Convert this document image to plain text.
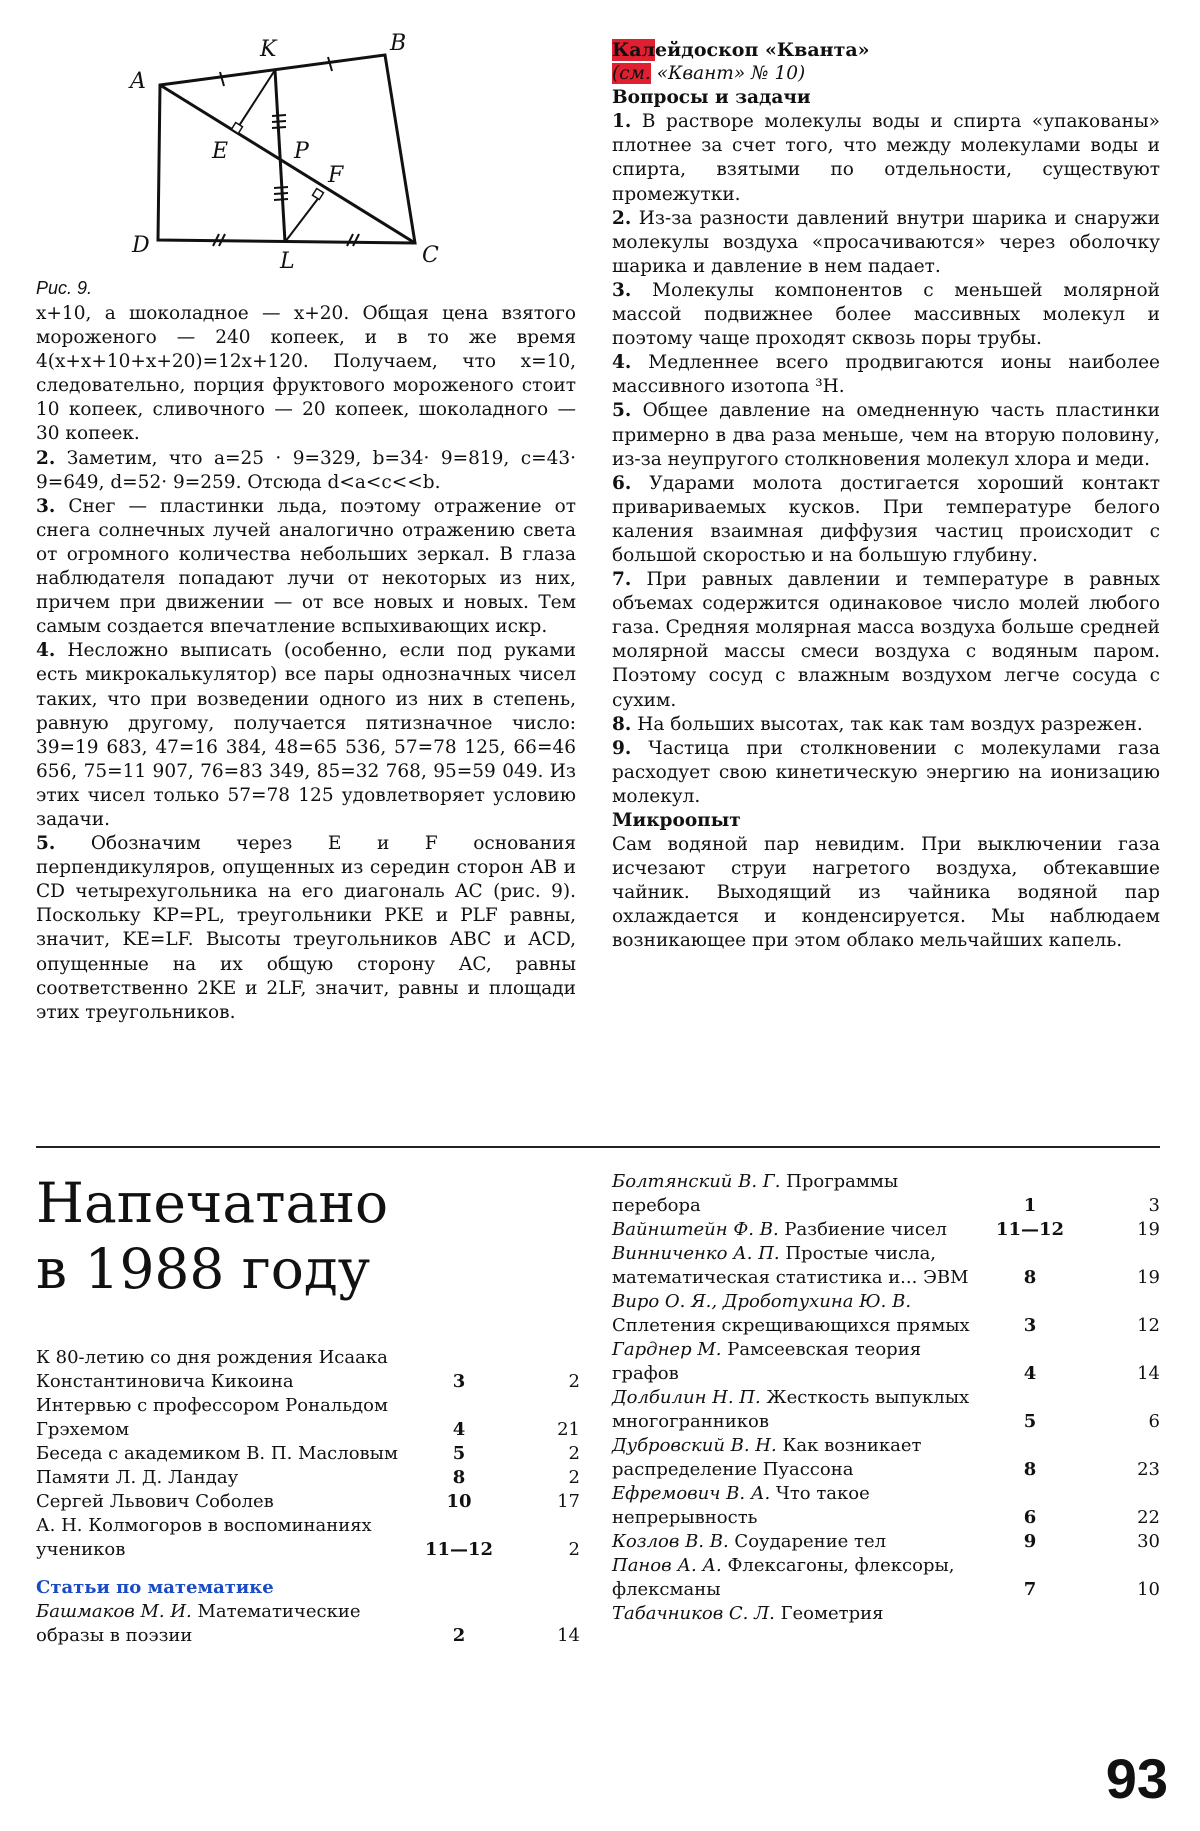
A
K	B
E	P
F
D
L	C
Рис. 9.

x+10, а шоколадное — x+20. Общая цена взятого мороженого — 240 копеек, и в то же время 4(x+x+10+x+20)=12x+120. Получаем, что x=10, следовательно, порция фруктового мороженого стоит 10 копеек, сливочного — 20 копеек, шоколадного — 30 копеек.

2. Заметим, что a=25 · 9=329, b=34· 9=819, c=43· 9=649, d=52· 9=259. Отсюда d<a<c<<b.

3. Снег — пластинки льда, поэтому отражение от снега солнечных лучей аналогично отражению света от огромного количества небольших зеркал. В глаза наблюдателя попадают лучи от некоторых из них, причем при движении — от все новых и новых. Тем самым создается впечатление вспыхивающих искр.

4. Несложно выписать (особенно, если под руками есть микрокалькулятор) все пары однозначных чисел таких, что при возведении одного из них в степень, равную другому, получается пятизначное число: 39=19 683, 47=16 384, 48=65 536, 57=78 125, 66=46 656, 75=11 907, 76=83 349, 85=32 768, 95=59 049. Из этих чисел только 57=78 125 удовлетворяет условию задачи.

5. Обозначим через E и F основания перпендикуляров, опущенных из середин сторон AB и CD четырехугольника на его диагональ AC (рис. 9). Поскольку KP=PL, треугольники PKE и PLF равны, значит, KE=LF. Высоты треугольников ABC и ACD, опущенные на их общую сторону AC, равны соответственно 2KE и 2LF, значит, равны и площади этих треугольников.

Калейдоскоп «Кванта»

(см. «Квант» № 10)

Вопросы и задачи

1. В растворе молекулы воды и спирта «упакованы» плотнее за счет того, что между молекулами воды и спирта, взятыми по отдельности, существуют промежутки.

2. Из-за разности давлений внутри шарика и снаружи молекулы воздуха «просачиваются» через оболочку шарика и давление в нем падает.

3. Молекулы компонентов с меньшей молярной массой подвижнее более массивных молекул и поэтому чаще проходят сквозь поры трубы.

4. Медленнее всего продвигаются ионы наиболее массивного изотопа ³H.

5. Общее давление на омедненную часть пластинки примерно в два раза меньше, чем на вторую половину, из-за неупругого столкновения молекул хлора и меди.

6. Ударами молота достигается хороший контакт привариваемых кусков. При температуре белого каления взаимная диффузия частиц происходит с большой скоростью и на большую глубину.

7. При равных давлении и температуре в равных объемах содержится одинаковое число молей любого газа. Средняя молярная масса воздуха больше средней молярной массы смеси воздуха с водяным паром. Поэтому сосуд с влажным воздухом легче сосуда с сухим.

8. На больших высотах, так как там воздух разрежен.

9. Частица при столкновении с молекулами газа расходует свою кинетическую энергию на ионизацию молекул.

Микроопыт

Сам водяной пар невидим. При выключении газа исчезают струи нагретого воздуха, обтекавшие чайник. Выходящий из чайника водяной пар охлаждается и конденсируется. Мы наблюдаем возникающее при этом облако мельчайших капель.

Напечатано
в 1988 году
К 80-летию со дня рождения Исаака Константиновича Кикоина	3	2
Интервью с профессором Рональдом Грэхемом	4	21
Беседа с академиком В. П. Масловым	5	2
Памяти Л. Д. Ландау	8	2
Сергей Львович Соболев	10	17
А. Н. Колмогоров в воспоминаниях учеников	11—12	2
Статьи по математике
Башмаков М. И. Математические образы в поэзии	2	14
Болтянский В. Г. Программы перебора	1	3
Вайнштейн Ф. В. Разбиение чисел	11—12	19
Винниченко А. П. Простые числа, математическая статистика и... ЭВМ	8	19
Виро О. Я., Дроботухина Ю. В. Сплетения скрещивающихся прямых	3	12
Гарднер М. Рамсеевская теория графов	4	14
Долбилин Н. П. Жесткость выпуклых многогранников	5	6
Дубровский В. Н. Как возникает распределение Пуассона	8	23
Ефремович В. А. Что такое непрерывность	6	22
Козлов В. В. Соударение тел	9	30
Панов А. А. Флексагоны, флексоры, флексманы	7	10
Табачников С. Л. Геометрия
93
